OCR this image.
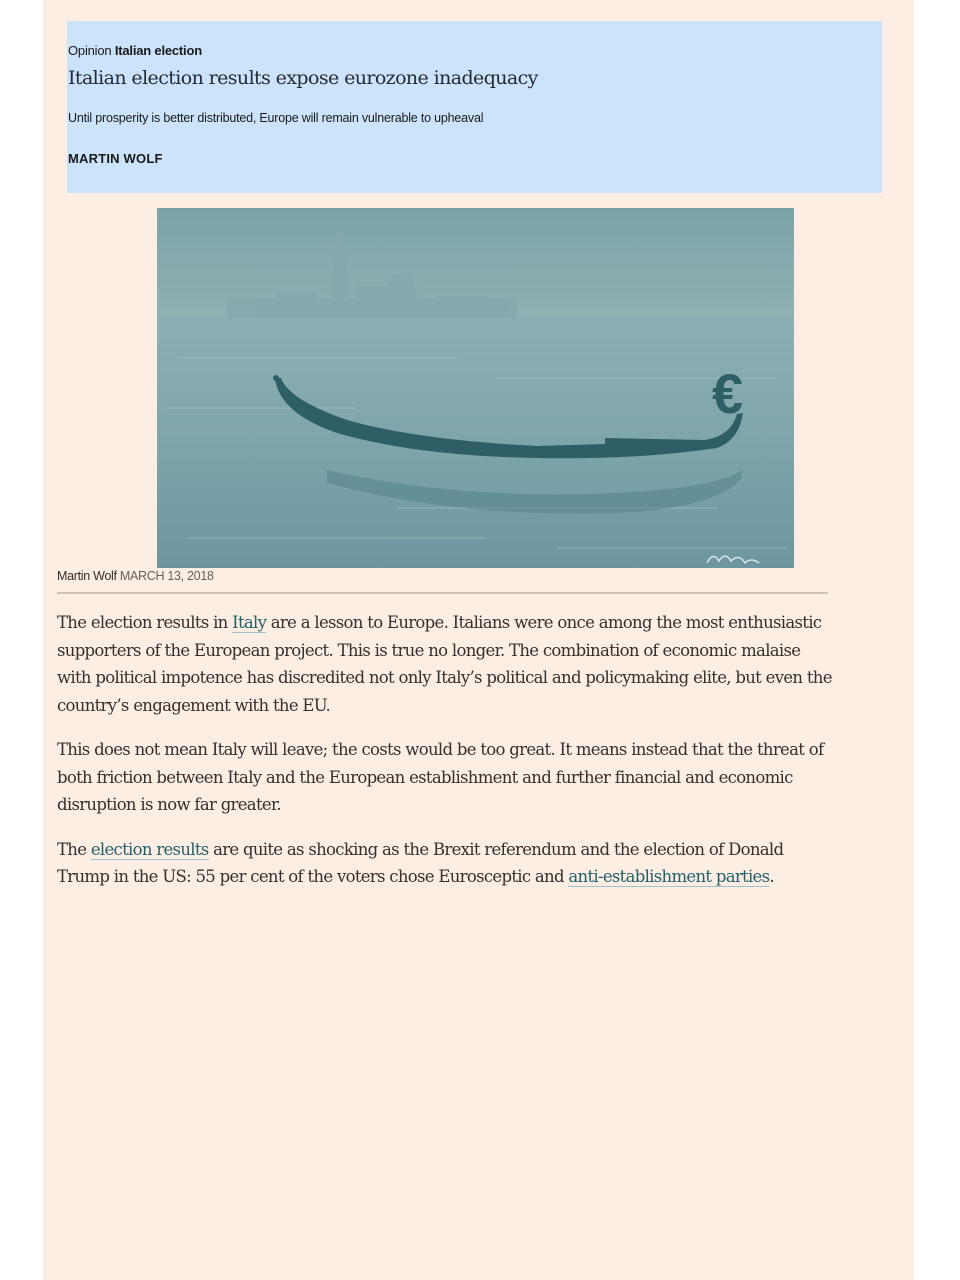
Opinion Italian election
Italian election results expose eurozone inadequacy
Until prosperity is better distributed, Europe will remain vulnerable to upheaval
MARTIN WOLF
€
Martin Wolf MARCH 13, 2018

The election results in Italy are a lesson to Europe. Italians were once among the most enthusiastic supporters of the European project. This is true no longer. The combination of economic malaise with political impotence has discredited not only Italy’s political and policymaking elite, but even the country’s engagement with the EU.

This does not mean Italy will leave; the costs would be too great. It means instead that the threat of both friction between Italy and the European establishment and further financial and economic disruption is now far greater.

The election results are quite as shocking as the Brexit referendum and the election of Donald Trump in the US: 55 per cent of the voters chose Eurosceptic and anti-establishment parties.
